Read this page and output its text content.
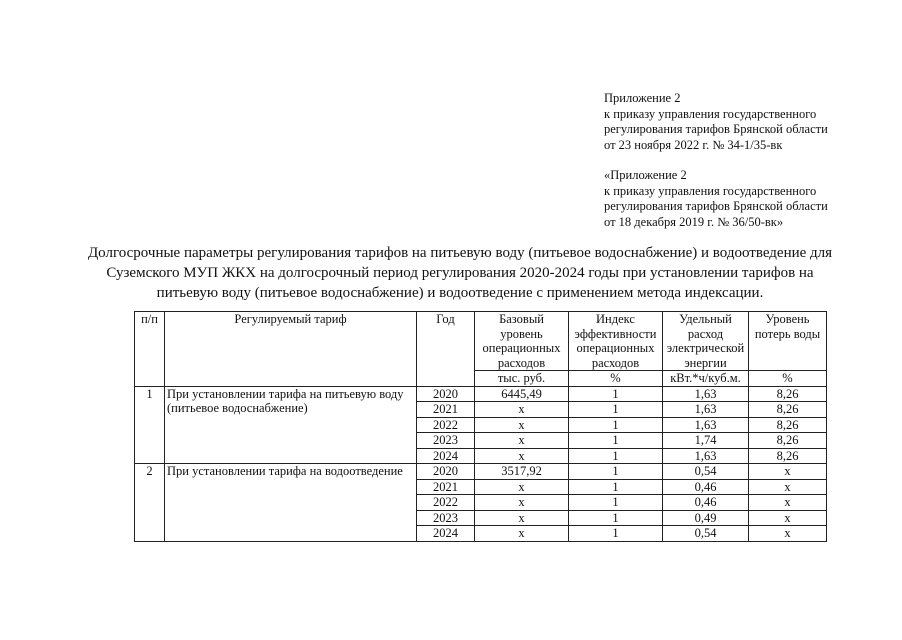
Приложение 2
к приказу управления государственного
регулирования тарифов Брянской области
от 23 ноября 2022 г. № 34-1/35-вк
«Приложение 2
к приказу управления государственного
регулирования тарифов Брянской области
от 18 декабря 2019 г. № 36/50-вк»
Долгосрочные параметры регулирования тарифов на питьевую воду (питьевое водоснабжение) и водоотведение для
Суземского МУП ЖКХ на долгосрочный период регулирования 2020-2024 годы при установлении тарифов на
питьевую воду (питьевое водоснабжение) и водоотведение с применением метода индексации.
п/п	Регулируемый тариф	Год	Базовый уровень операционных расходов	Индекс эффективности операционных расходов	Удельный расход электрической энергии	Уровень потерь воды
			тыс. руб.	%	кВт.*ч/куб.м.	%
1	При установлении тарифа на питьевую воду (питьевое водоснабжение)	2020	6445,49	1	1,63	8,26
		2021	x	1	1,63	8,26
		2022	x	1	1,63	8,26
		2023	x	1	1,74	8,26
		2024	x	1	1,63	8,26
2	При установлении тарифа на водоотведение	2020	3517,92	1	0,54	x
		2021	x	1	0,46	x
		2022	x	1	0,46	x
		2023	x	1	0,49	x
		2024	x	1	0,54	x
